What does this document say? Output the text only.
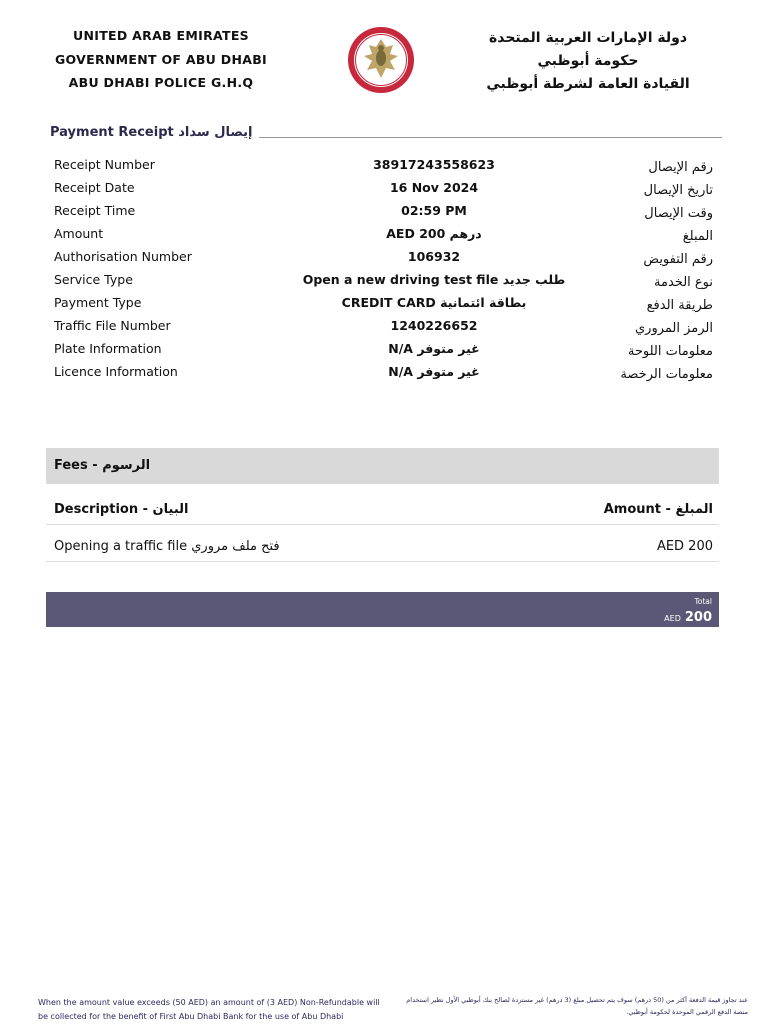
UNITED ARAB EMIRATES
GOVERNMENT OF ABU DHABI
ABU DHABI POLICE G.H.Q
دولة الإمارات العربية المتحدة
حكومة أبوظبي
القيادة العامة لشرطة أبوظبي
Payment Receipt إيصال سداد
Receipt Number	38917243558623	رقم الإيصال
Receipt Date	16 Nov 2024	تاريخ الإيصال
Receipt Time	02:59 PM	وقت الإيصال
Amount	AED 200 درهم	المبلغ
Authorisation Number	106932	رقم التفويض
Service Type	Open a new driving test file طلب جديد	نوع الخدمة
Payment Type	CREDIT CARD بطاقة ائتمانية	طريقة الدفع
Traffic File Number	1240226652	الرمز المروري
Plate Information	N/A غير متوفر	معلومات اللوحة
Licence Information	N/A غير متوفر	معلومات الرخصة
Fees - الرسوم
Description - البيان	Amount - المبلغ
Opening a traffic file فتح ملف مروري	AED 200
Total
AED 200
When the amount value exceeds (50 AED) an amount of (3 AED) Non-Refundable will be collected for the benefit of First Abu Dhabi Bank for the use of Abu Dhabi
عند تجاوز قيمة الدفعة أكثر من (50 درهم) سوف يتم تحصيل مبلغ (3 درهم) غير مستردة لصالح بنك أبوظبي الأول نظير استخدام منصة الدفع الرقمي الموحدة لحكومة أبوظبي.
